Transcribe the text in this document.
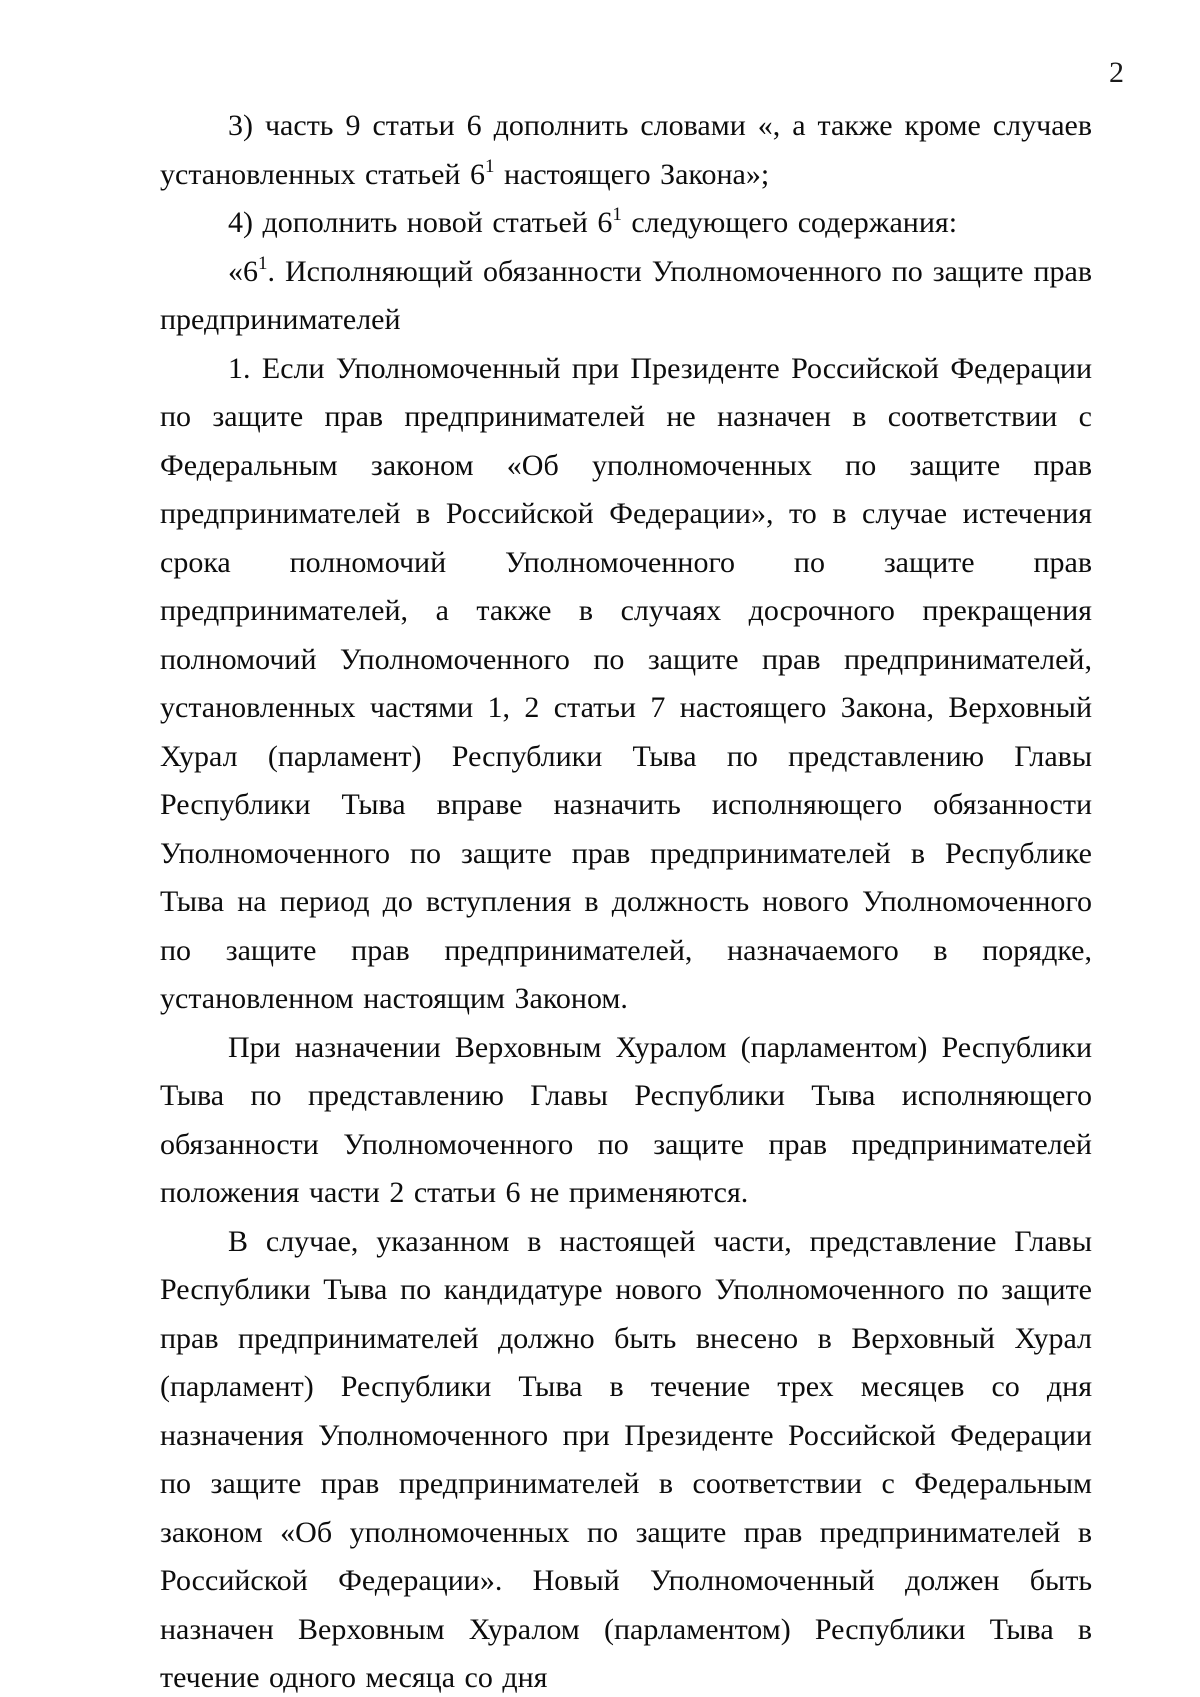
2

3) часть 9 статьи 6 дополнить словами «, а также кроме случаев установленных статьей $6^1$ настоящего Закона»;

4) дополнить новой статьей $6^1$ следующего содержания:

«$6^1$. Исполняющий обязанности Уполномоченного по защите прав предпринимателей

1. Если Уполномоченный при Президенте Российской Федерации по защите прав предпринимателей не назначен в соответствии с Федеральным законом «Об уполномоченных по защите прав предпринимателей в Российской Федерации», то в случае истечения срока полномочий Уполномоченного по защите прав предпринимателей, а также в случаях досрочного прекращения полномочий Уполномоченного по защите прав предпринимателей, установленных частями 1, 2 статьи 7 настоящего Закона, Верховный Хурал (парламент) Республики Тыва по представлению Главы Республики Тыва вправе назначить исполняющего обязанности Уполномоченного по защите прав предпринимателей в Республике Тыва на период до вступления в должность нового Уполномоченного по защите прав предпринимателей, назначаемого в порядке, установленном настоящим Законом.

При назначении Верховным Хуралом (парламентом) Республики Тыва по представлению Главы Республики Тыва исполняющего обязанности Уполномоченного по защите прав предпринимателей положения части 2 статьи 6 не применяются.

В случае, указанном в настоящей части, представление Главы Республики Тыва по кандидатуре нового Уполномоченного по защите прав предпринимателей должно быть внесено в Верховный Хурал (парламент) Республики Тыва в течение трех месяцев со дня назначения Уполномоченного при Президенте Российской Федерации по защите прав предпринимателей в соответствии с Федеральным законом «Об уполномоченных по защите прав предпринимателей в Российской Федерации». Новый Уполномоченный должен быть назначен Верховным Хуралом (парламентом) Республики Тыва в течение одного месяца со дня
